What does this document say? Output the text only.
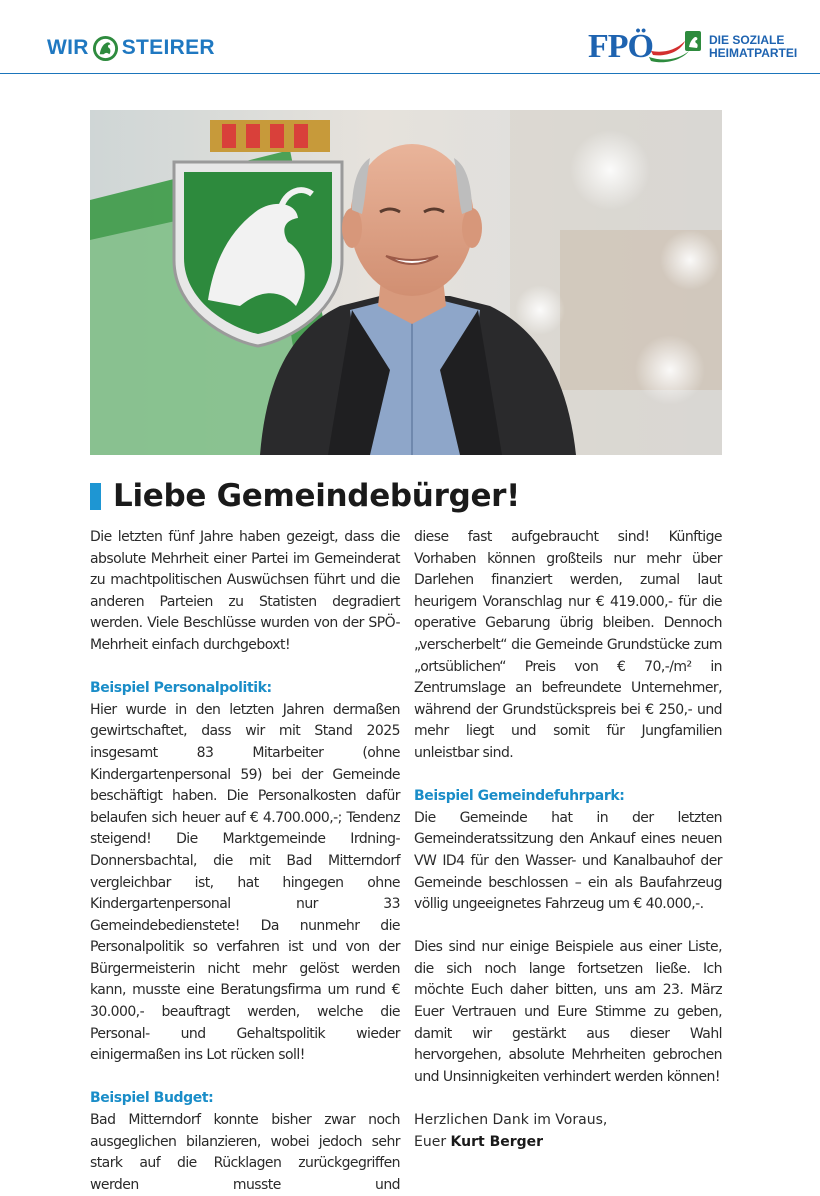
WIR STEIRER	FPÖ	DIE SOZIALE
HEIMATPARTEI
Liebe Gemeindebürger!

Die letzten fünf Jahre haben gezeigt, dass die absolute Mehrheit einer Partei im Gemeinderat zu machtpolitischen Auswüchsen führt und die anderen Parteien zu Statisten degradiert werden. Viele Beschlüsse wurden von der SPÖ-Mehrheit einfach durchgeboxt!

Beispiel Personalpolitik:

Hier wurde in den letzten Jahren dermaßen gewirtschaftet, dass wir mit Stand 2025 insgesamt 83 Mitarbeiter (ohne Kindergartenpersonal 59) bei der Gemeinde beschäftigt haben. Die Personalkosten dafür belaufen sich heuer auf € 4.700.000,-; Tendenz steigend! Die Marktgemeinde Irdning-Donnersbachtal, die mit Bad Mitterndorf vergleichbar ist, hat hingegen ohne Kindergartenpersonal nur 33 Gemeindebedienstete! Da nunmehr die Personalpolitik so verfahren ist und von der Bürgermeisterin nicht mehr gelöst werden kann, musste eine Beratungsfirma um rund € 30.000,- beauftragt werden, welche die Personal- und Gehaltspolitik wieder einigermaßen ins Lot rücken soll!

Beispiel Budget:

Bad Mitterndorf konnte bisher zwar noch ausgeglichen bilanzieren, wobei jedoch sehr stark auf die Rücklagen zurückgegriffen werden musste und

diese fast aufgebraucht sind! Künftige Vorhaben können großteils nur mehr über Darlehen finanziert werden, zumal laut heurigem Voranschlag nur € 419.000,- für die operative Gebarung übrig bleiben. Dennoch „verscherbelt“ die Gemeinde Grundstücke zum „ortsüblichen“ Preis von € 70,-/m² in Zentrumslage an befreundete Unternehmer, während der Grundstückspreis bei € 250,- und mehr liegt und somit für Jungfamilien unleistbar sind.

Beispiel Gemeindefuhrpark:

Die Gemeinde hat in der letzten Gemeinderatssitzung den Ankauf eines neuen VW ID4 für den Wasser- und Kanalbauhof der Gemeinde beschlossen – ein als Baufahrzeug völlig ungeeignetes Fahrzeug um € 40.000,-.

Dies sind nur einige Beispiele aus einer Liste, die sich noch lange fortsetzen ließe. Ich möchte Euch daher bitten, uns am 23. März Euer Vertrauen und Eure Stimme zu geben, damit wir gestärkt aus dieser Wahl hervorgehen, absolute Mehrheiten gebrochen und Unsinnigkeiten verhindert werden können!

Herzlichen Dank im Voraus,
Euer Kurt Berger
